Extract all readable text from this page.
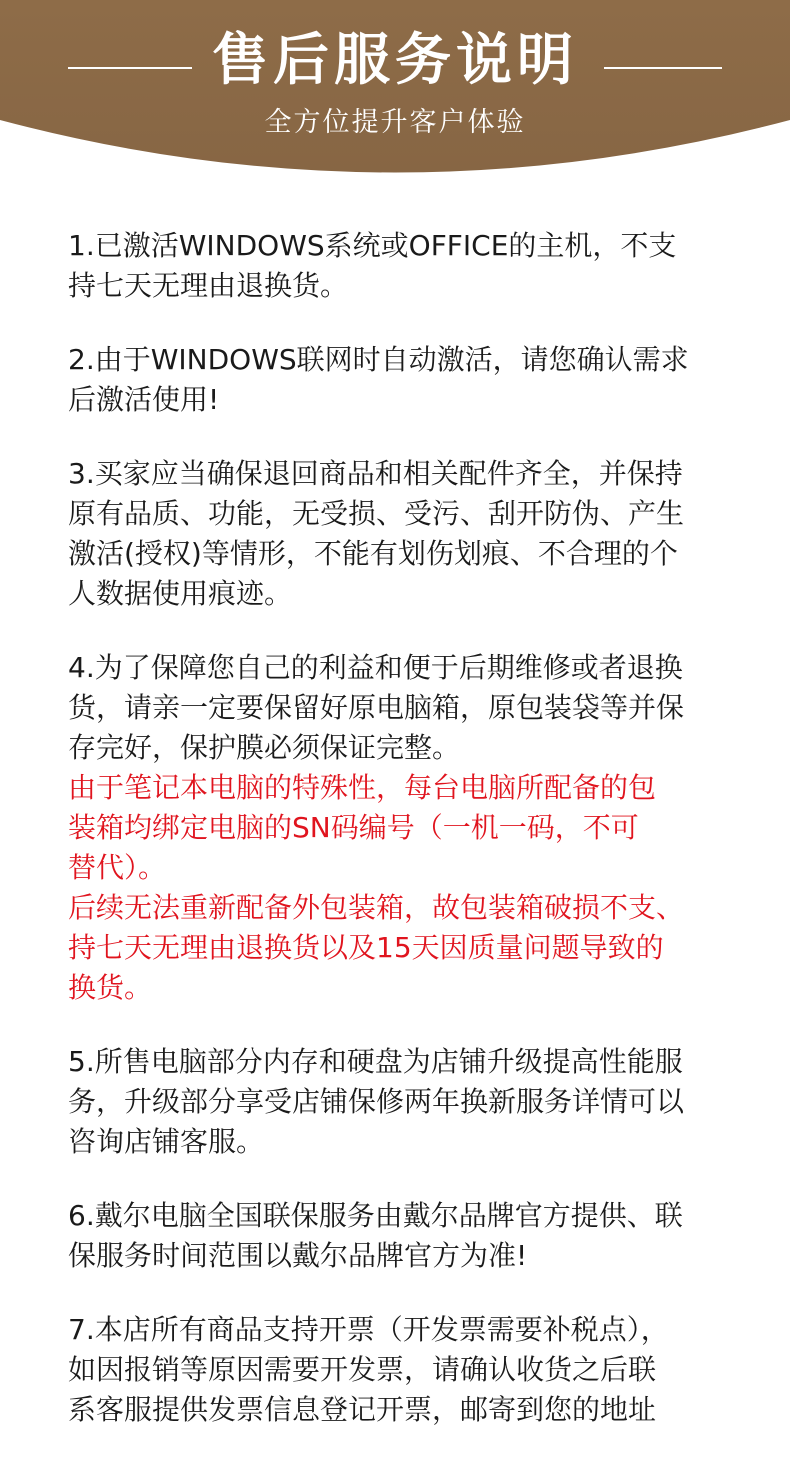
售后服务说明
全方位提升客户体验
1.已激活WINDOWS系统或OFFICE的主机，不支
持七天无理由退换货。
2.由于WINDOWS联网时自动激活，请您确认需求
后激活使用!
3.买家应当确保退回商品和相关配件齐全，并保持
原有品质、功能，无受损、受污、刮开防伪、产生
激活(授权)等情形，不能有划伤划痕、不合理的个
人数据使用痕迹。
4.为了保障您自己的利益和便于后期维修或者退换
货，请亲一定要保留好原电脑箱，原包装袋等并保
存完好，保护膜必须保证完整。
由于笔记本电脑的特殊性，每台电脑所配备的包
装箱均绑定电脑的SN码编号（一机一码，不可
替代）。
后续无法重新配备外包装箱，故包装箱破损不支、
持七天无理由退换货以及15天因质量问题导致的
换货。
5.所售电脑部分内存和硬盘为店铺升级提高性能服
务，升级部分享受店铺保修两年换新服务详情可以
咨询店铺客服。
6.戴尔电脑全国联保服务由戴尔品牌官方提供、联
保服务时间范围以戴尔品牌官方为准!
7.本店所有商品支持开票（开发票需要补税点），
如因报销等原因需要开发票，请确认收货之后联
系客服提供发票信息登记开票，邮寄到您的地址
